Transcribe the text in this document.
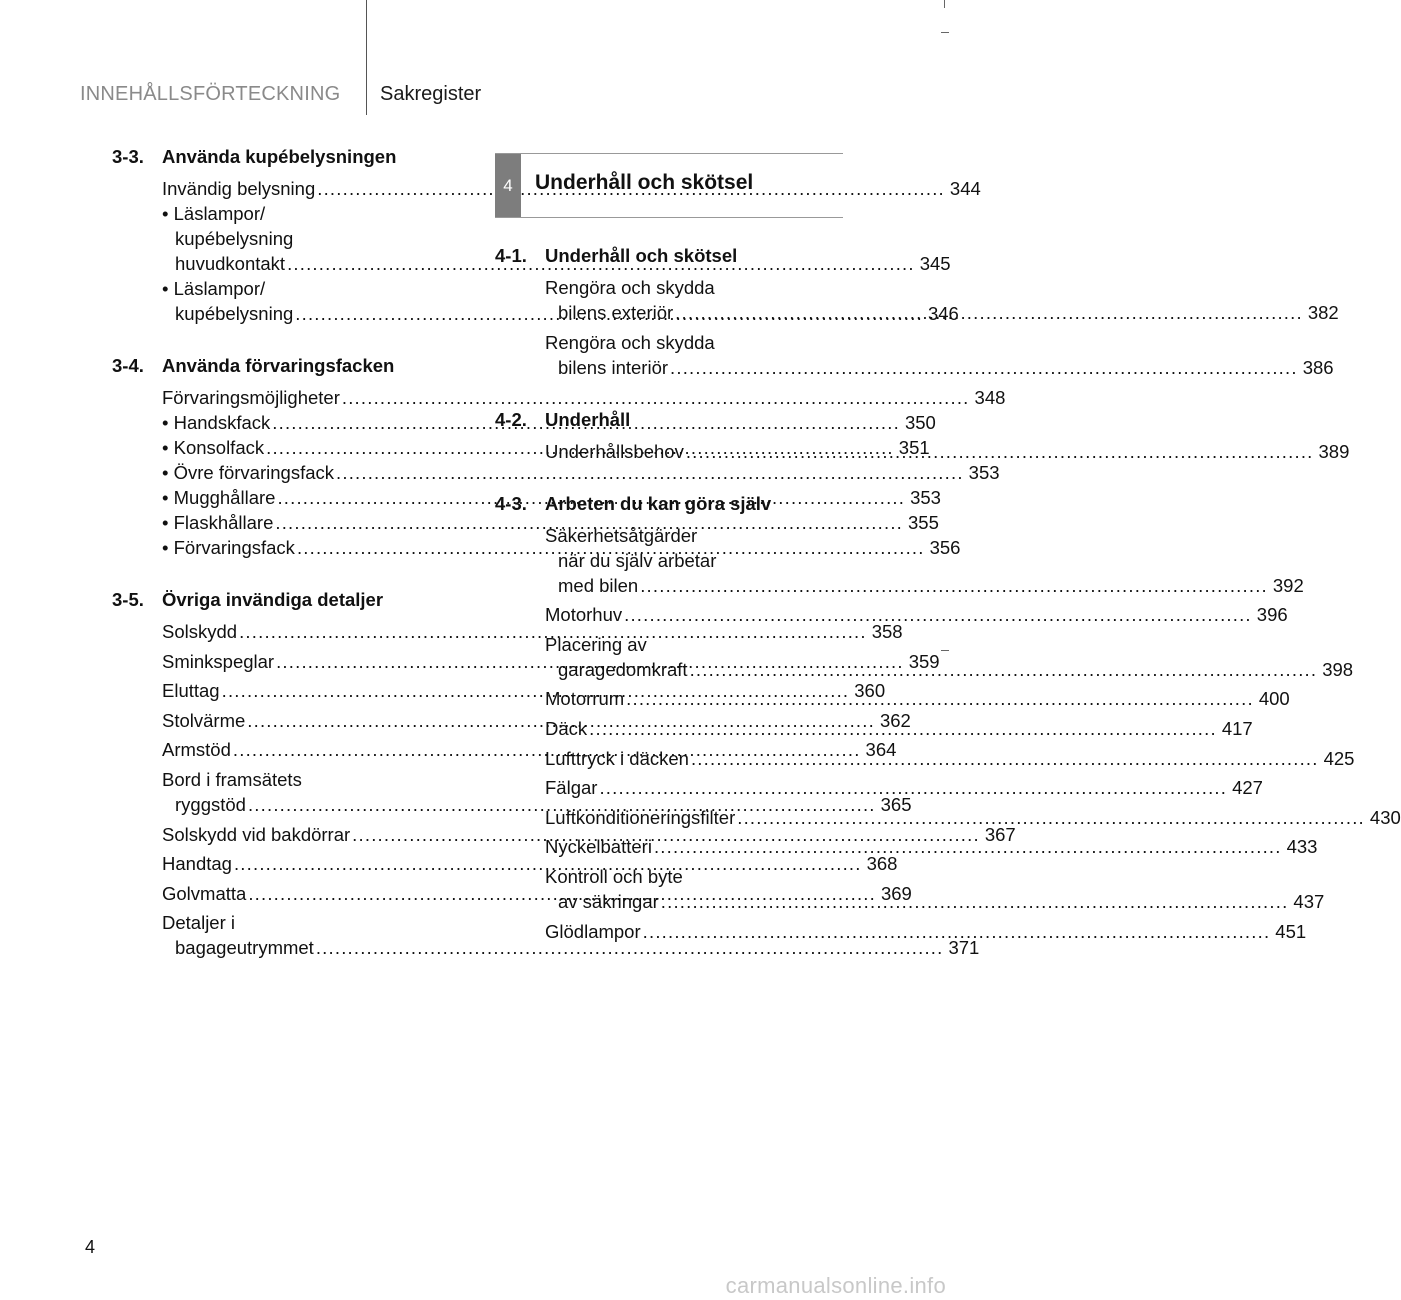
INNEHÅLLSFÖRTECKNING Sakregister
3-3. Använda kupébelysningen
Invändig belysning .....	344
• Läslampor/
kupébelysning
huvudkontakt .....	345
• Läslampor/
kupébelysning .....	346
3-4. Använda förvaringsfacken
Förvaringsmöjligheter .....	348
• Handskfack .....	350
• Konsolfack .....	351
• Övre förvaringsfack .....	353
• Mugghållare .....	353
• Flaskhållare .....	355
• Förvaringsfack .....	356
3-5. Övriga invändiga detaljer
Solskydd .....	358
Sminkspeglar .....	359
Eluttag .....	360
Stolvärme .....	362
Armstöd .....	364
Bord i framsätets
ryggstöd .....	365
Solskydd vid bakdörrar .....	367
Handtag .....	368
Golvmatta .....	369
Detaljer i
bagageutrymmet .....	371
4	Underhåll och skötsel
4-1. Underhåll och skötsel
Rengöra och skydda
bilens exteriör .....	382
Rengöra och skydda
bilens interiör .....	386
4-2. Underhåll
Underhållsbehov .....	389
4-3. Arbeten du kan göra själv
Säkerhetsåtgärder
när du själv arbetar
med bilen .....	392
Motorhuv .....	396
Placering av
garagedomkraft .....	398
Motorrum .....	400
Däck .....	417
Lufttryck i däcken .....	425
Fälgar .....	427
Luftkonditioneringsfilter .....	430
Nyckelbatteri .....	433
Kontroll och byte
av säkringar .....	437
Glödlampor .....	451
4
carmanualsonline.info
